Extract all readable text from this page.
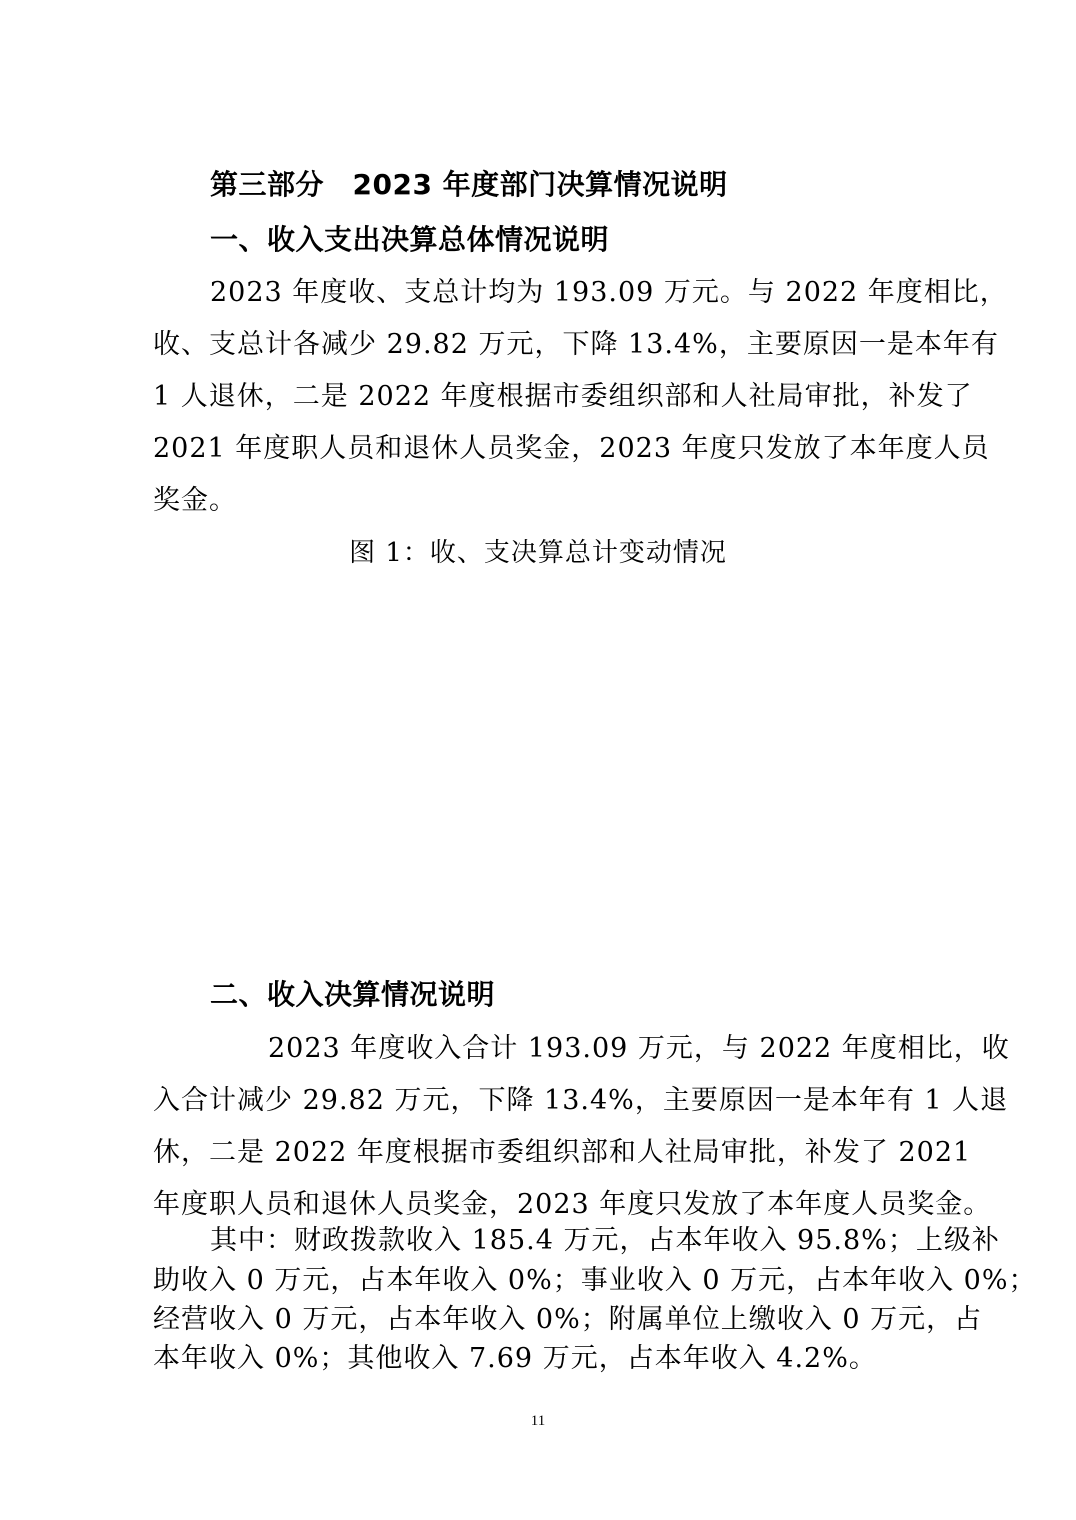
第三部分　2023 年度部门决算情况说明
一、收入支出决算总体情况说明
2023 年度收、支总计均为 193.09 万元。与 2022 年度相比，
收、支总计各减少 29.82 万元，下降 13.4%，主要原因一是本年有
1 人退休，二是 2022 年度根据市委组织部和人社局审批，补发了
2021 年度职人员和退休人员奖金，2023 年度只发放了本年度人员
奖金。
图 1：收、支决算总计变动情况
二、收入决算情况说明
2023 年度收入合计 193.09 万元，与 2022 年度相比，收
入合计减少 29.82 万元，下降 13.4%，主要原因一是本年有 1 人退
休，二是 2022 年度根据市委组织部和人社局审批，补发了 2021
年度职人员和退休人员奖金，2023 年度只发放了本年度人员奖金。
其中：财政拨款收入 185.4 万元，占本年收入 95.8%；上级补
助收入 0 万元，占本年收入 0%；事业收入 0 万元，占本年收入 0%；
经营收入 0 万元，占本年收入 0%；附属单位上缴收入 0 万元，占
本年收入 0%；其他收入 7.69 万元，占本年收入 4.2%。
11
